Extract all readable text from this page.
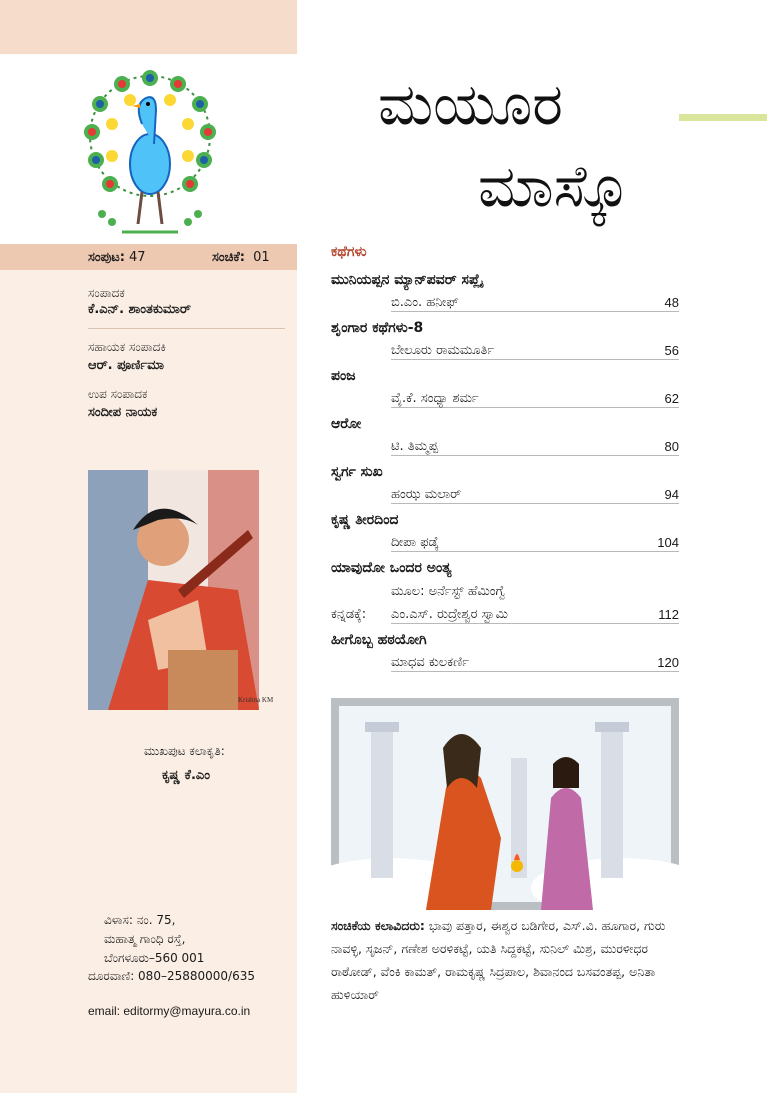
ಸಂಪುಟ: 47	ಸಂಚಿಕೆ: 01
ಸಂಪಾದಕ
ಕೆ.ಎನ್. ಶಾಂತಕುಮಾರ್
ಸಹಾಯಕ ಸಂಪಾದಕಿ
ಆರ್. ಪೂರ್ಣಿಮಾ
ಉಪ ಸಂಪಾದಕ
ಸಂದೀಪ ನಾಯಕ
Krishna KM
ಮುಖಪುಟ ಕಲಾಕೃತಿ:
ಕೃಷ್ಣ ಕೆ.ಎಂ
ವಿಳಾಸ: ನಂ. 75,
ಮಹಾತ್ಮ ಗಾಂಧಿ ರಸ್ತೆ,
ಬೆಂಗಳೂರು–560 001
ದೂರವಾಣಿ: 080–25880000/635
email: editormy@mayura.co.in
ಮಯೂರ
ಮಾಸ್ಕೊ
ಕಥೆಗಳು
ಮುನಿಯಪ್ಪನ ಮ್ಯಾನ್‌ಪವರ್ ಸಪ್ಲೈ
ಬಿ.ಎಂ. ಹನೀಫ್	48
ಶೃಂಗಾರ ಕಥೆಗಳು-8
ಬೇಲೂರು ರಾಮಮೂರ್ತಿ	56
ಪಂಜ
ವೈ.ಕೆ. ಸಂಧ್ಯಾ ಶರ್ಮ	62
ಆರೋ
ಟಿ. ತಿಮ್ಮಪ್ಪ	80
ಸ್ವರ್ಗ ಸುಖ
ಹಂಝ ಮಲಾರ್	94
ಕೃಷ್ಣ ತೀರದಿಂದ
ದೀಪಾ ಫಡ್ಕೆ	104
ಯಾವುದೋ ಒಂದರ ಅಂತ್ಯ
ಮೂಲ: ಅರ್ನೆಸ್ಟ್ ಹೆಮಿಂಗ್ವೆ
ಕನ್ನಡಕ್ಕೆ: ಎಂ.ಎಸ್. ರುದ್ರೇಶ್ವರ ಸ್ವಾಮಿ	112
ಹೀಗೊಬ್ಬ ಹಠಯೋಗಿ
ಮಾಧವ ಕುಲಕರ್ಣಿ	120
ಸಂಚಿಕೆಯ ಕಲಾವಿದರು: ಭಾವು ಪತ್ತಾರ, ಈಶ್ವರ ಬಡಿಗೇರ, ಎಸ್.ವಿ. ಹೂಗಾರ, ಗುರು ನಾವಳ್ಳಿ, ಸೃಜನ್, ಗಣೇಶ ಅರಳಿಕಟ್ಟೆ, ಯತಿ ಸಿದ್ದಕಟ್ಟೆ, ಸುನಿಲ್ ಮಿಶ್ರ, ಮುರಳೀಧರ ರಾಠೋಡ್, ವೆಂಕಿ ಕಾಮತ್, ರಾಮಕೃಷ್ಣ ಸಿದ್ರಪಾಲ, ಶಿವಾನಂದ ಬಸವಂತಪ್ಪ, ಅನಿತಾ ಹುಳಿಯಾರ್
